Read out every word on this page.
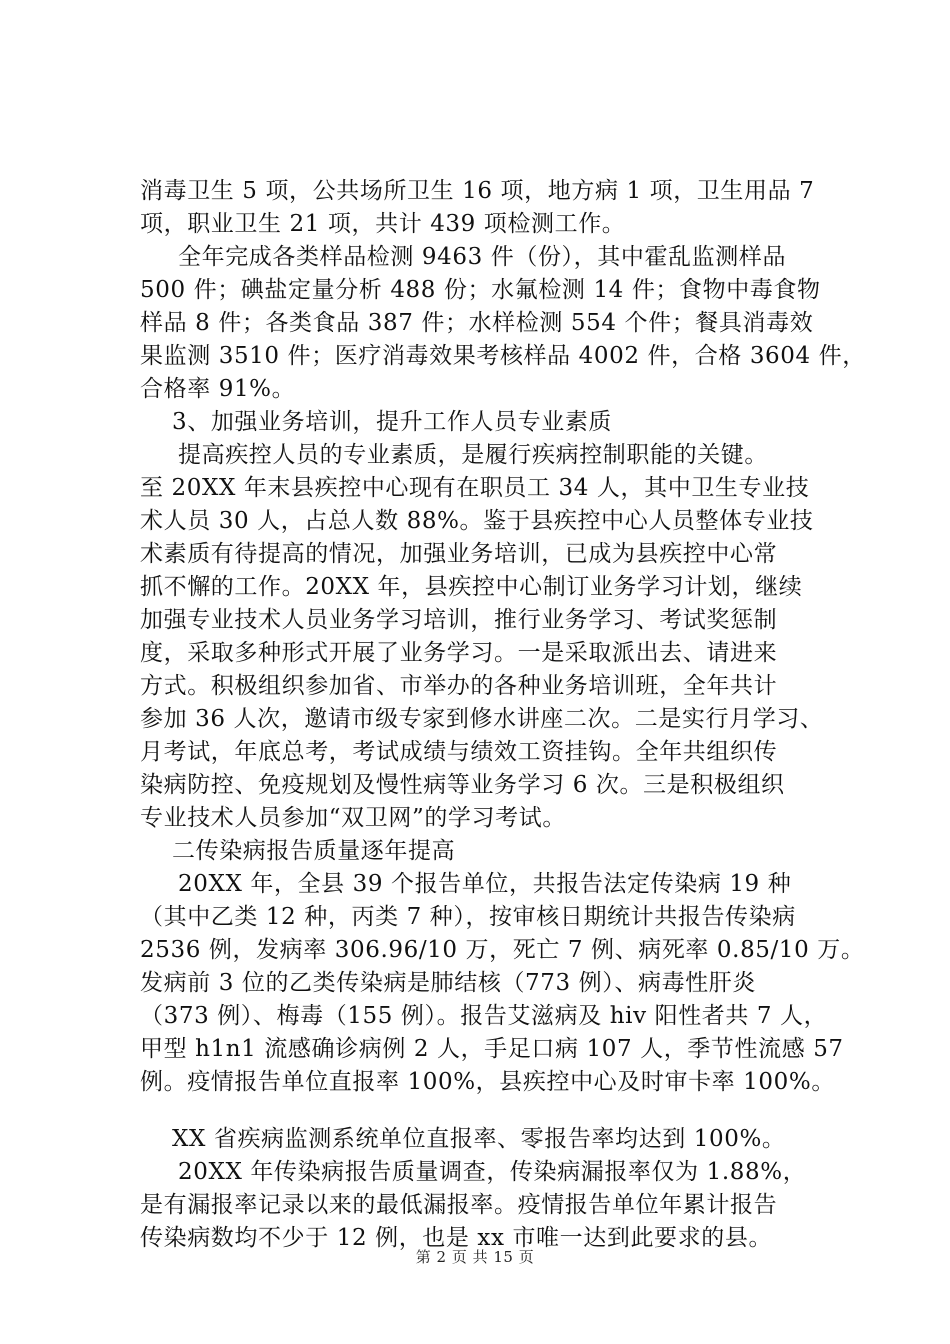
消毒卫生 5 项，公共场所卫生 16 项，地方病 1 项，卫生用品 7
项，职业卫生 21 项，共计 439 项检测工作。
全年完成各类样品检测 9463 件（份），其中霍乱监测样品
500 件；碘盐定量分析 488 份；水氟检测 14 件；食物中毒食物
样品 8 件；各类食品 387 件；水样检测 554 个件；餐具消毒效
果监测 3510 件；医疗消毒效果考核样品 4002 件，合格 3604 件，
合格率 91%。
3、加强业务培训，提升工作人员专业素质
提高疾控人员的专业素质，是履行疾病控制职能的关键。
至 20XX 年末县疾控中心现有在职员工 34 人，其中卫生专业技
术人员 30 人，占总人数 88%。鉴于县疾控中心人员整体专业技
术素质有待提高的情况，加强业务培训，已成为县疾控中心常
抓不懈的工作。20XX 年，县疾控中心制订业务学习计划，继续
加强专业技术人员业务学习培训，推行业务学习、考试奖惩制
度，采取多种形式开展了业务学习。一是采取派出去、请进来
方式。积极组织参加省、市举办的各种业务培训班，全年共计
参加 36 人次，邀请市级专家到修水讲座二次。二是实行月学习、
月考试，年底总考，考试成绩与绩效工资挂钩。全年共组织传
染病防控、免疫规划及慢性病等业务学习 6 次。三是积极组织
专业技术人员参加“双卫网”的学习考试。
二传染病报告质量逐年提高
20XX 年，全县 39 个报告单位，共报告法定传染病 19 种
（其中乙类 12 种，丙类 7 种），按审核日期统计共报告传染病
2536 例，发病率 306.96/10 万，死亡 7 例、病死率 0.85/10 万。
发病前 3 位的乙类传染病是肺结核（773 例）、病毒性肝炎
（373 例）、梅毒（155 例）。报告艾滋病及 hiv 阳性者共 7 人，
甲型 h1n1 流感确诊病例 2 人，手足口病 107 人，季节性流感 57
例。疫情报告单位直报率 100%，县疾控中心及时审卡率 100%。
XX 省疾病监测系统单位直报率、零报告率均达到 100%。
20XX 年传染病报告质量调查，传染病漏报率仅为 1.88%，
是有漏报率记录以来的最低漏报率。疫情报告单位年累计报告
传染病数均不少于 12 例，也是 xx 市唯一达到此要求的县。
第 2 页 共 15 页
